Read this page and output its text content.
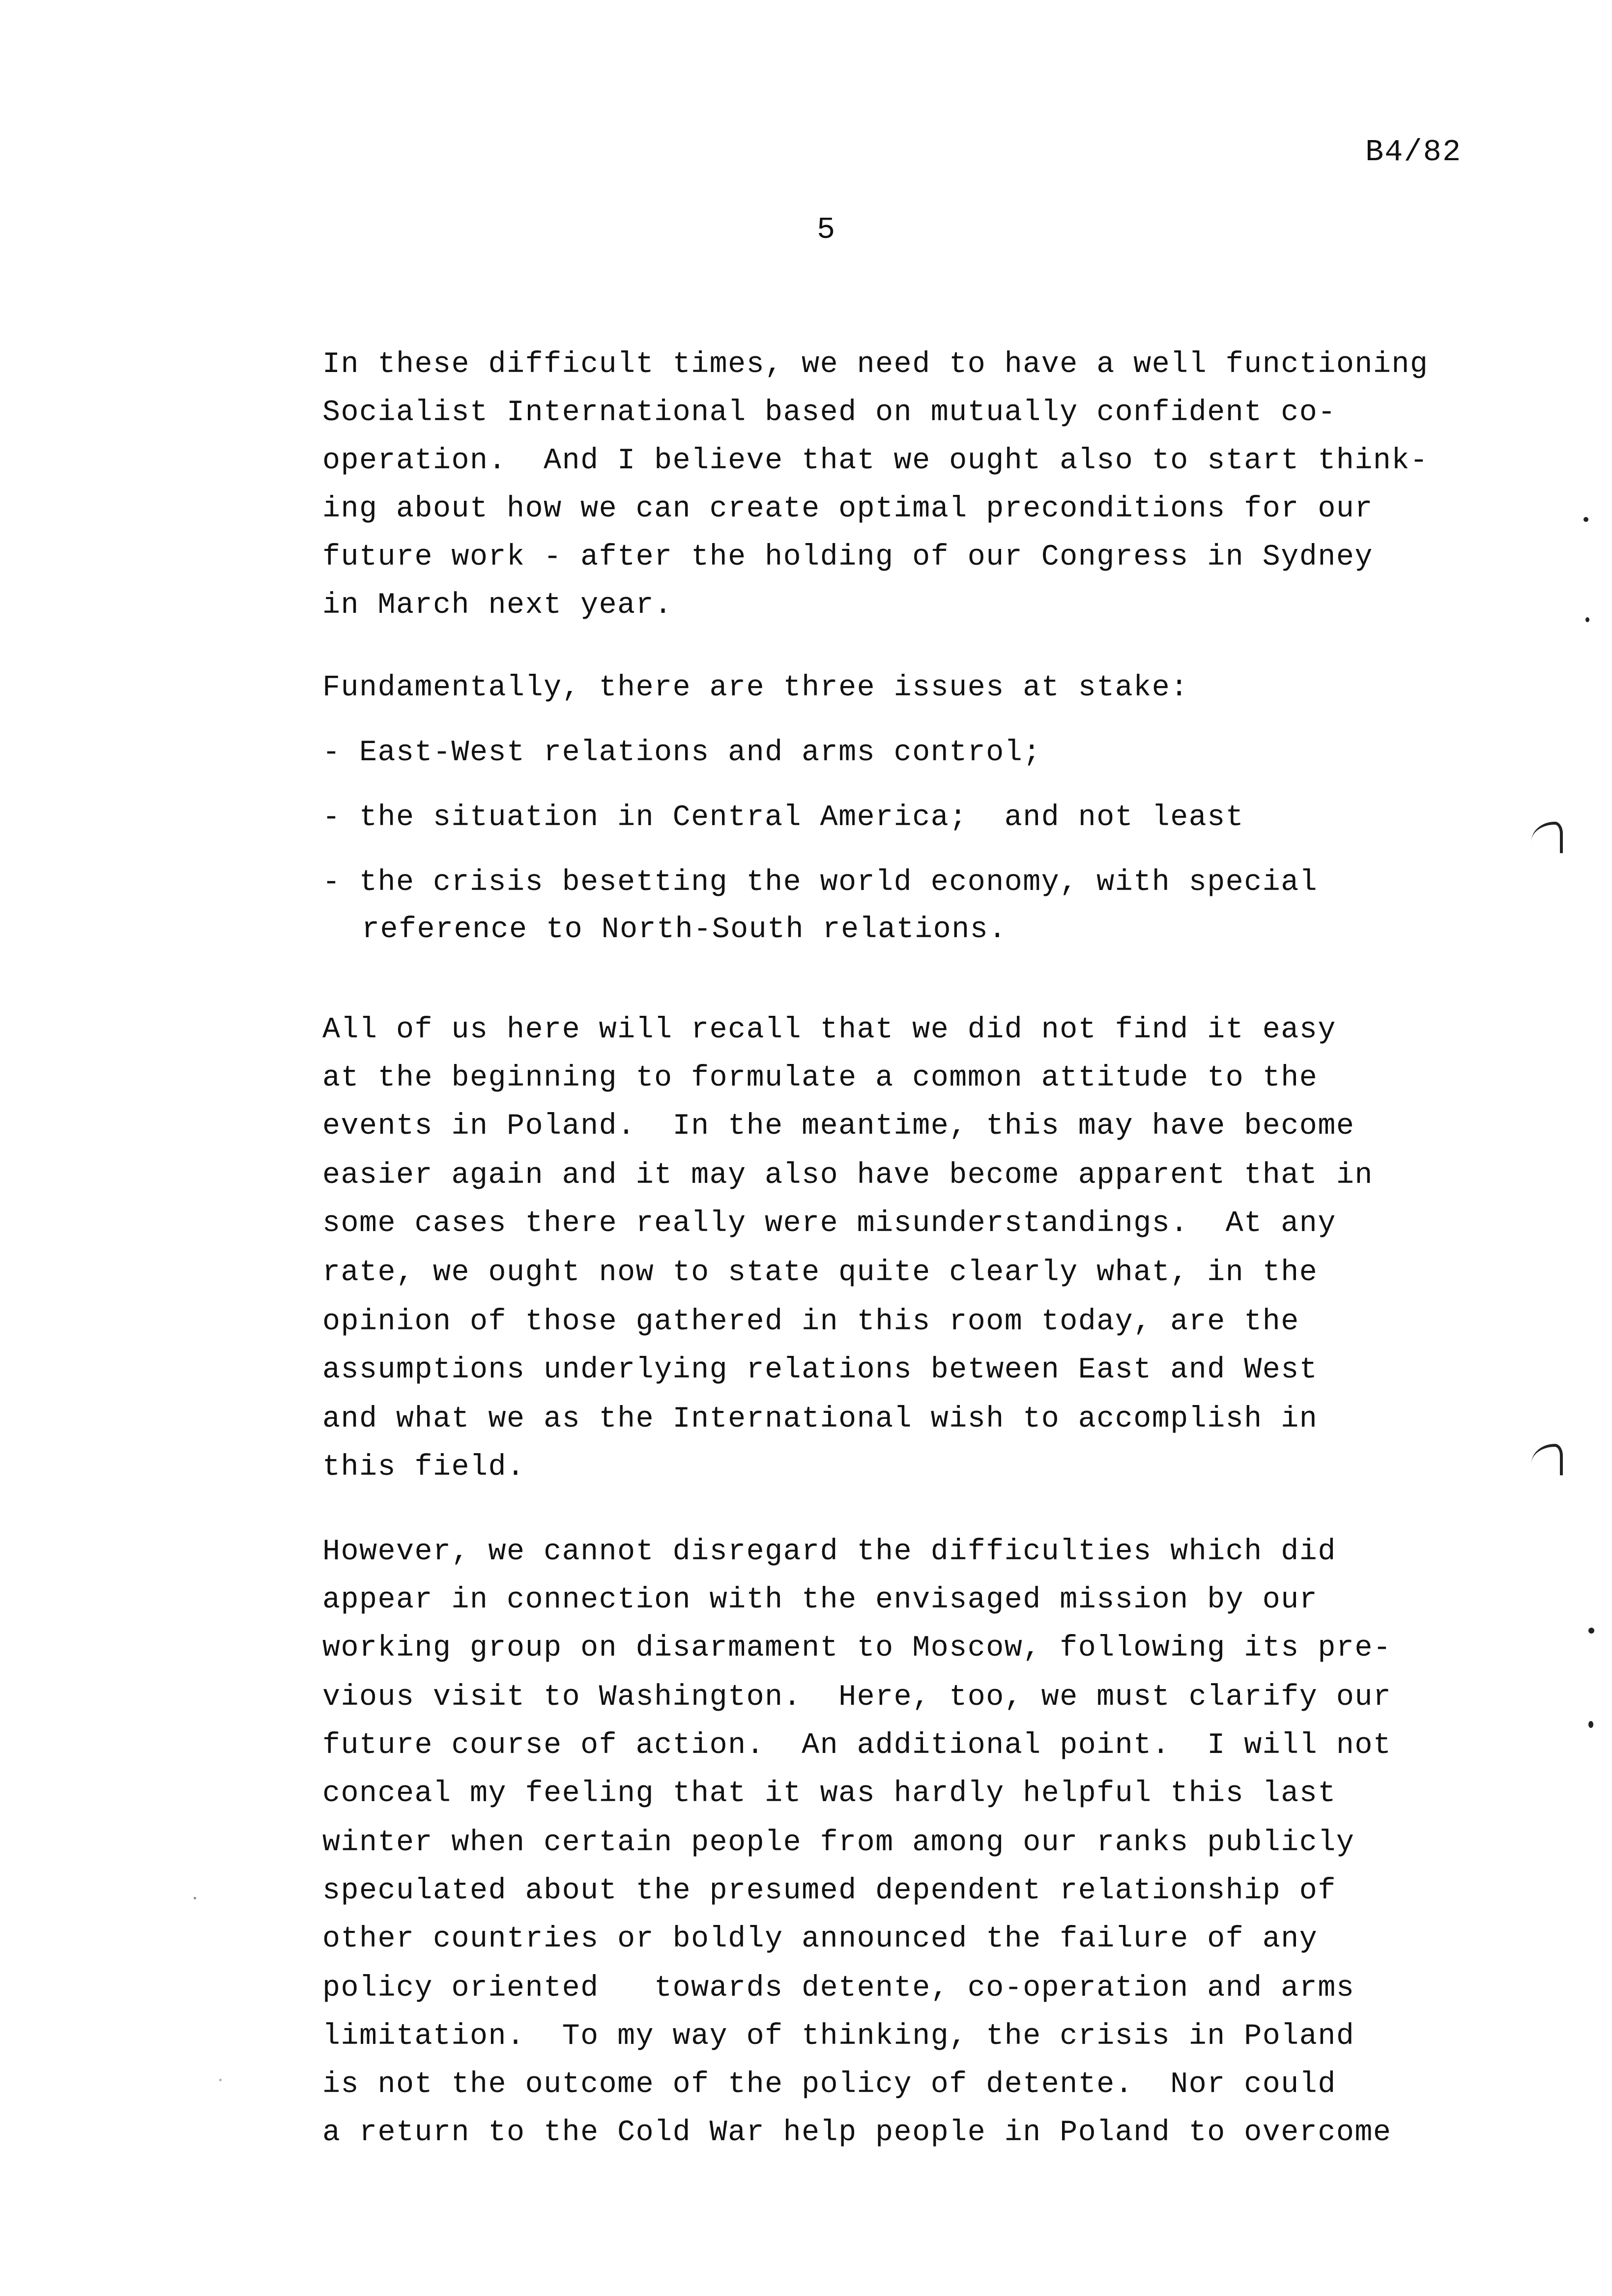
B4/82
5
In these difficult times, we need to have a well functioning
Socialist International based on mutually confident co-
operation.  And I believe that we ought also to start think-
ing about how we can create optimal preconditions for our
future work - after the holding of our Congress in Sydney
in March next year.
Fundamentally, there are three issues at stake:
- East-West relations and arms control;
- the situation in Central America;  and not least
- the crisis besetting the world economy, with special
reference to North-South relations.
All of us here will recall that we did not find it easy
at the beginning to formulate a common attitude to the
events in Poland.  In the meantime, this may have become
easier again and it may also have become apparent that in
some cases there really were misunderstandings.  At any
rate, we ought now to state quite clearly what, in the
opinion of those gathered in this room today, are the
assumptions underlying relations between East and West
and what we as the International wish to accomplish in
this field.
However, we cannot disregard the difficulties which did
appear in connection with the envisaged mission by our
working group on disarmament to Moscow, following its pre-
vious visit to Washington.  Here, too, we must clarify our
future course of action.  An additional point.  I will not
conceal my feeling that it was hardly helpful this last
winter when certain people from among our ranks publicly
speculated about the presumed dependent relationship of
other countries or boldly announced the failure of any
policy oriented   towards detente, co-operation and arms
limitation.  To my way of thinking, the crisis in Poland
is not the outcome of the policy of detente.  Nor could
a return to the Cold War help people in Poland to overcome
